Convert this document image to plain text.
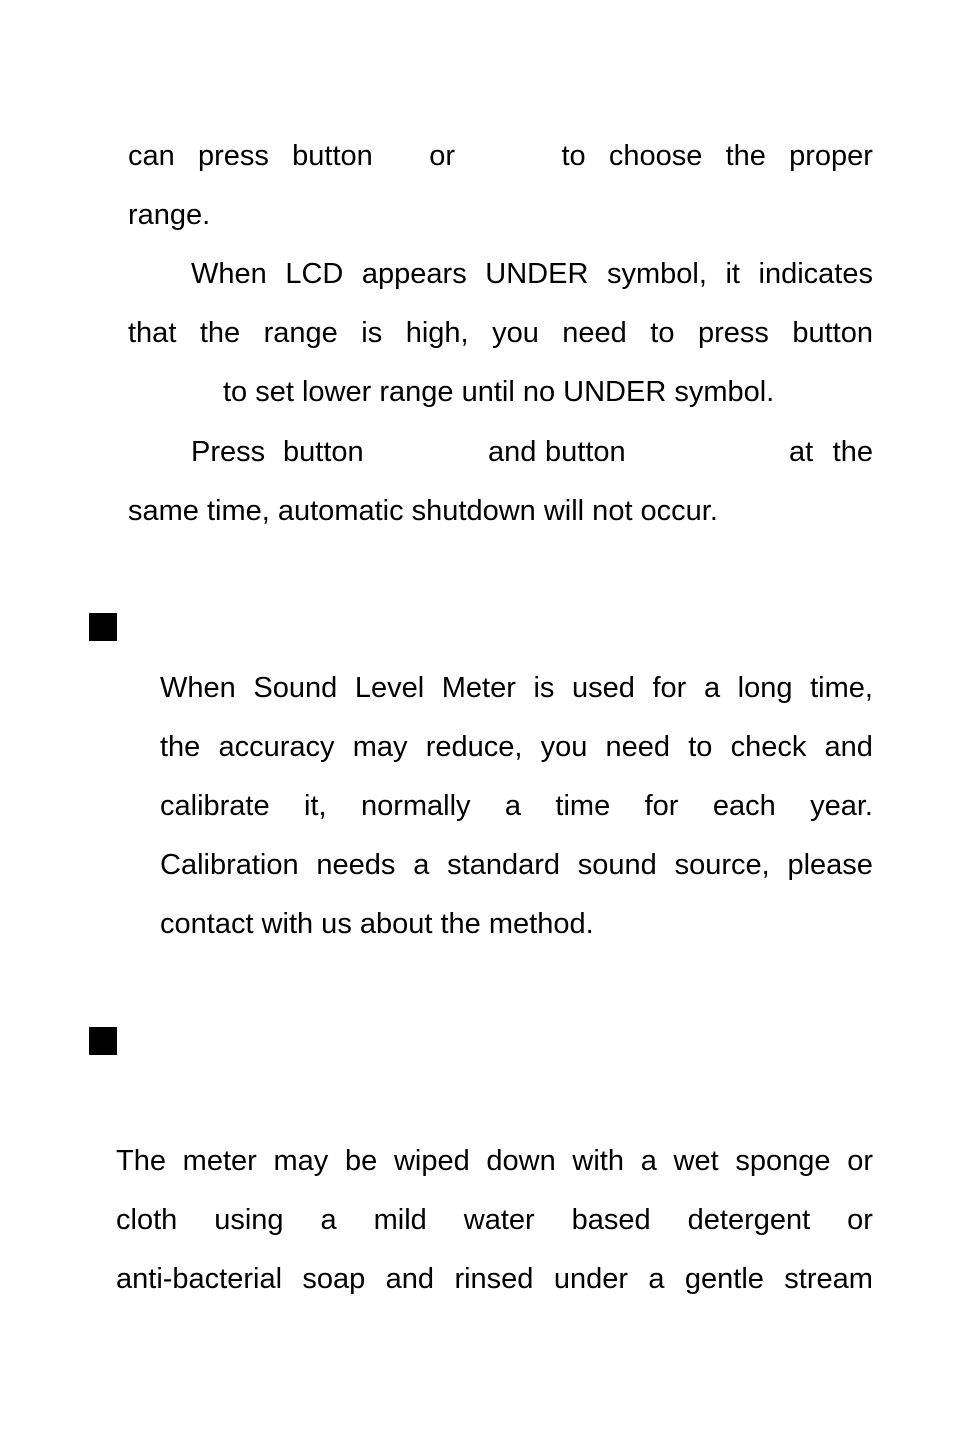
can press button or	to choose the proper
range.
When LCD appears UNDER symbol, it indicates
that the range is high, you need to press button
to set lower range until no UNDER symbol.
Press button	and button	at the
same time, automatic shutdown will not occur.
When Sound Level Meter is used for a long time,
the accuracy may reduce, you need to check and
calibrate it, normally a time for each year.
Calibration needs a standard sound source, please
contact with us about the method.
The meter may be wiped down with a wet sponge or
cloth using a mild water based detergent or
anti-bacterial soap and rinsed under a gentle stream
